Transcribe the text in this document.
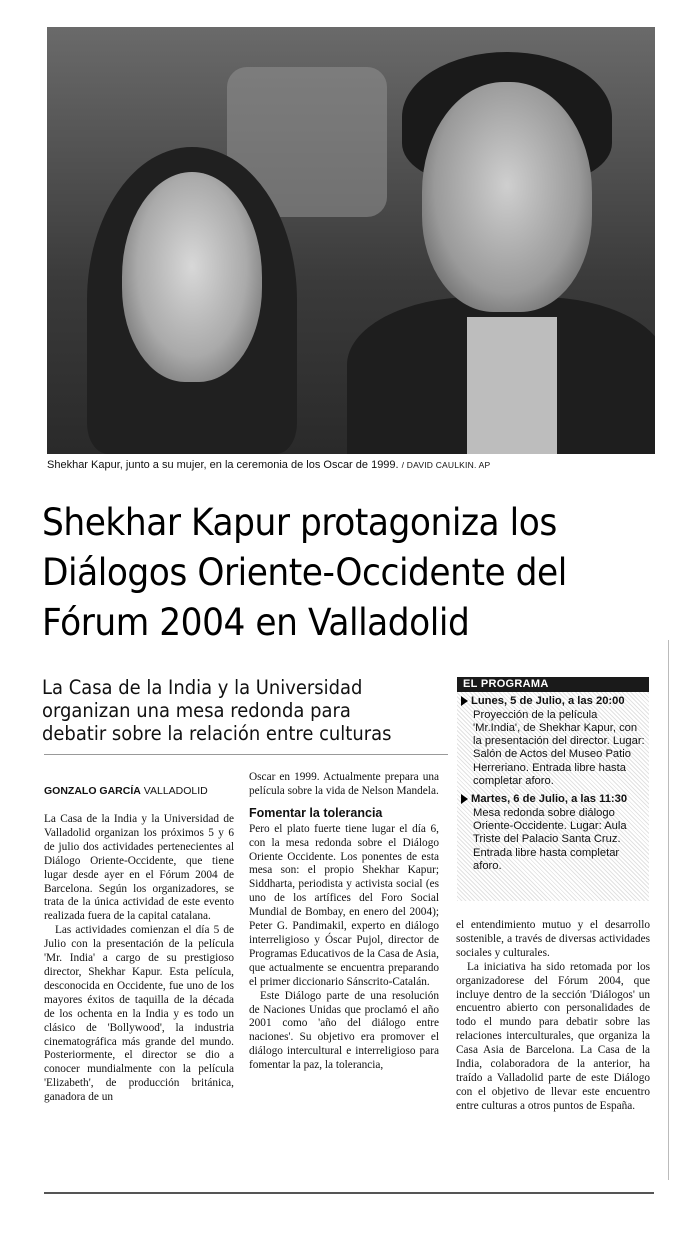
Shekhar Kapur, junto a su mujer, en la ceremonia de los Oscar de 1999. / DAVID CAULKIN. AP
Shekhar Kapur protagoniza los Diálogos Oriente-Occidente del Fórum 2004 en Valladolid
La Casa de la India y la Universidad organizan una mesa redonda para debatir sobre la relación entre culturas
GONZALO GARCÍA VALLADOLID

La Casa de la India y la Universidad de Valladolid organizan los próximos 5 y 6 de julio dos actividades pertenecientes al Diálogo Oriente-Occidente, que tiene lugar desde ayer en el Fórum 2004 de Barcelona. Según los organizadores, se trata de la única actividad de este evento realizada fuera de la capital catalana.

Las actividades comienzan el día 5 de Julio con la presentación de la película 'Mr. India' a cargo de su prestigioso director, Shekhar Kapur. Esta película, desconocida en Occidente, fue uno de los mayores éxitos de taquilla de la década de los ochenta en la India y es todo un clásico de 'Bollywood', la industria cinematográfica más grande del mundo. Posteriormente, el director se dio a conocer mundialmente con la película 'Elizabeth', de producción británica, ganadora de un

Oscar en 1999. Actualmente prepara una película sobre la vida de Nelson Mandela.

Fomentar la tolerancia

Pero el plato fuerte tiene lugar el día 6, con la mesa redonda sobre el Diálogo Oriente Occidente. Los ponentes de esta mesa son: el propio Shekhar Kapur; Siddharta, periodista y activista social (es uno de los artífices del Foro Social Mundial de Bombay, en enero del 2004); Peter G. Pandimakil, experto en diálogo interreligioso y Óscar Pujol, director de Programas Educativos de la Casa de Asia, que actualmente se encuentra preparando el primer diccionario Sánscrito-Catalán.

Este Diálogo parte de una resolución de Naciones Unidas que proclamó el año 2001 como 'año del diálogo entre naciones'. Su objetivo era promover el diálogo intercultural e interreligioso para fomentar la paz, la tolerancia,

EL PROGRAMA
Lunes, 5 de Julio, a las 20:00
Proyección de la película 'Mr.India', de Shekhar Kapur, con la presentación del director. Lugar: Salón de Actos del Museo Patio Herreriano. Entrada libre hasta completar aforo.
Martes, 6 de Julio, a las 11:30
Mesa redonda sobre diálogo Oriente-Occidente. Lugar: Aula Triste del Palacio Santa Cruz. Entrada libre hasta completar aforo.

el entendimiento mutuo y el desarrollo sostenible, a través de diversas actividades sociales y culturales.

La iniciativa ha sido retomada por los organizadorese del Fórum 2004, que incluye dentro de la sección 'Diálogos' un encuentro abierto con personalidades de todo el mundo para debatir sobre las relaciones interculturales, que organiza la Casa Asia de Barcelona. La Casa de la India, colaboradora de la anterior, ha traído a Valladolid parte de este Diálogo con el objetivo de llevar este encuentro entre culturas a otros puntos de España.
